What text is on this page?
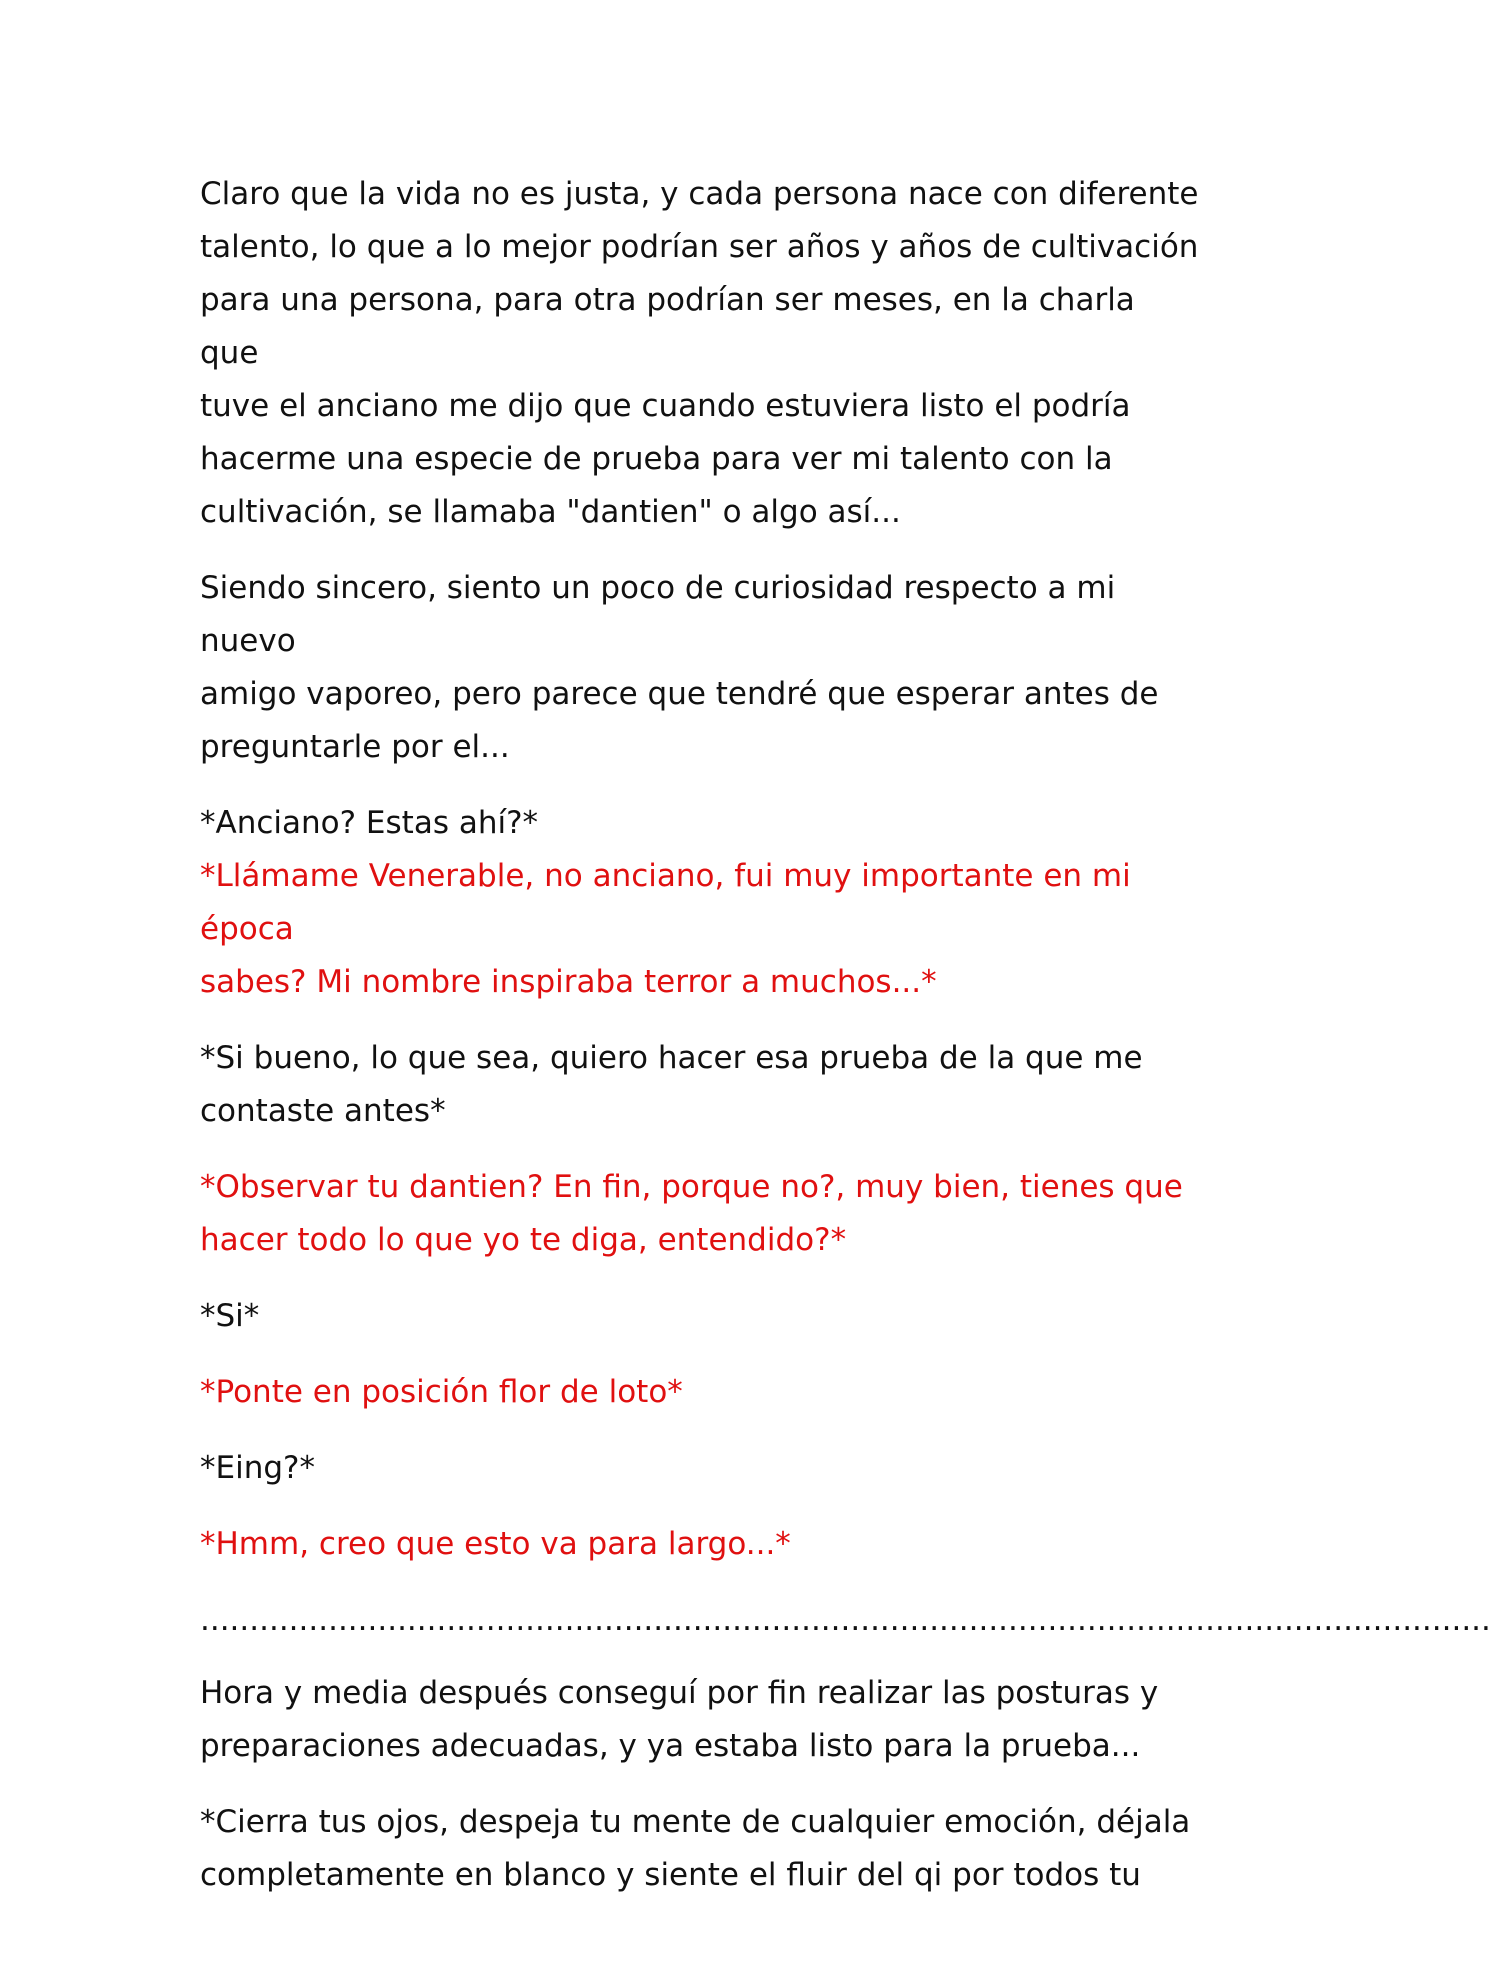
Claro que la vida no es justa, y cada persona nace con diferente
talento, lo que a lo mejor podrían ser años y años de cultivación
para una persona, para otra podrían ser meses, en la charla que
tuve el anciano me dijo que cuando estuviera listo el podría
hacerme una especie de prueba para ver mi talento con la
cultivación, se llamaba "dantien" o algo así...

Siendo sincero, siento un poco de curiosidad respecto a mi nuevo
amigo vaporeo, pero parece que tendré que esperar antes de
preguntarle por el...

*Anciano? Estas ahí?*

*Llámame Venerable, no anciano, fui muy importante en mi época
sabes? Mi nombre inspiraba terror a muchos...*

*Si bueno, lo que sea, quiero hacer esa prueba de la que me
contaste antes*

*Observar tu dantien? En fin, porque no?, muy bien, tienes que
hacer todo lo que yo te diga, entendido?*

*Si*

*Ponte en posición flor de loto*

*Eing?*

*Hmm, creo que esto va para largo...*

...................................................................................................................................

Hora y media después conseguí por fin realizar las posturas y
preparaciones adecuadas, y ya estaba listo para la prueba...

*Cierra tus ojos, despeja tu mente de cualquier emoción, déjala
completamente en blanco y siente el fluir del qi por todos tu
